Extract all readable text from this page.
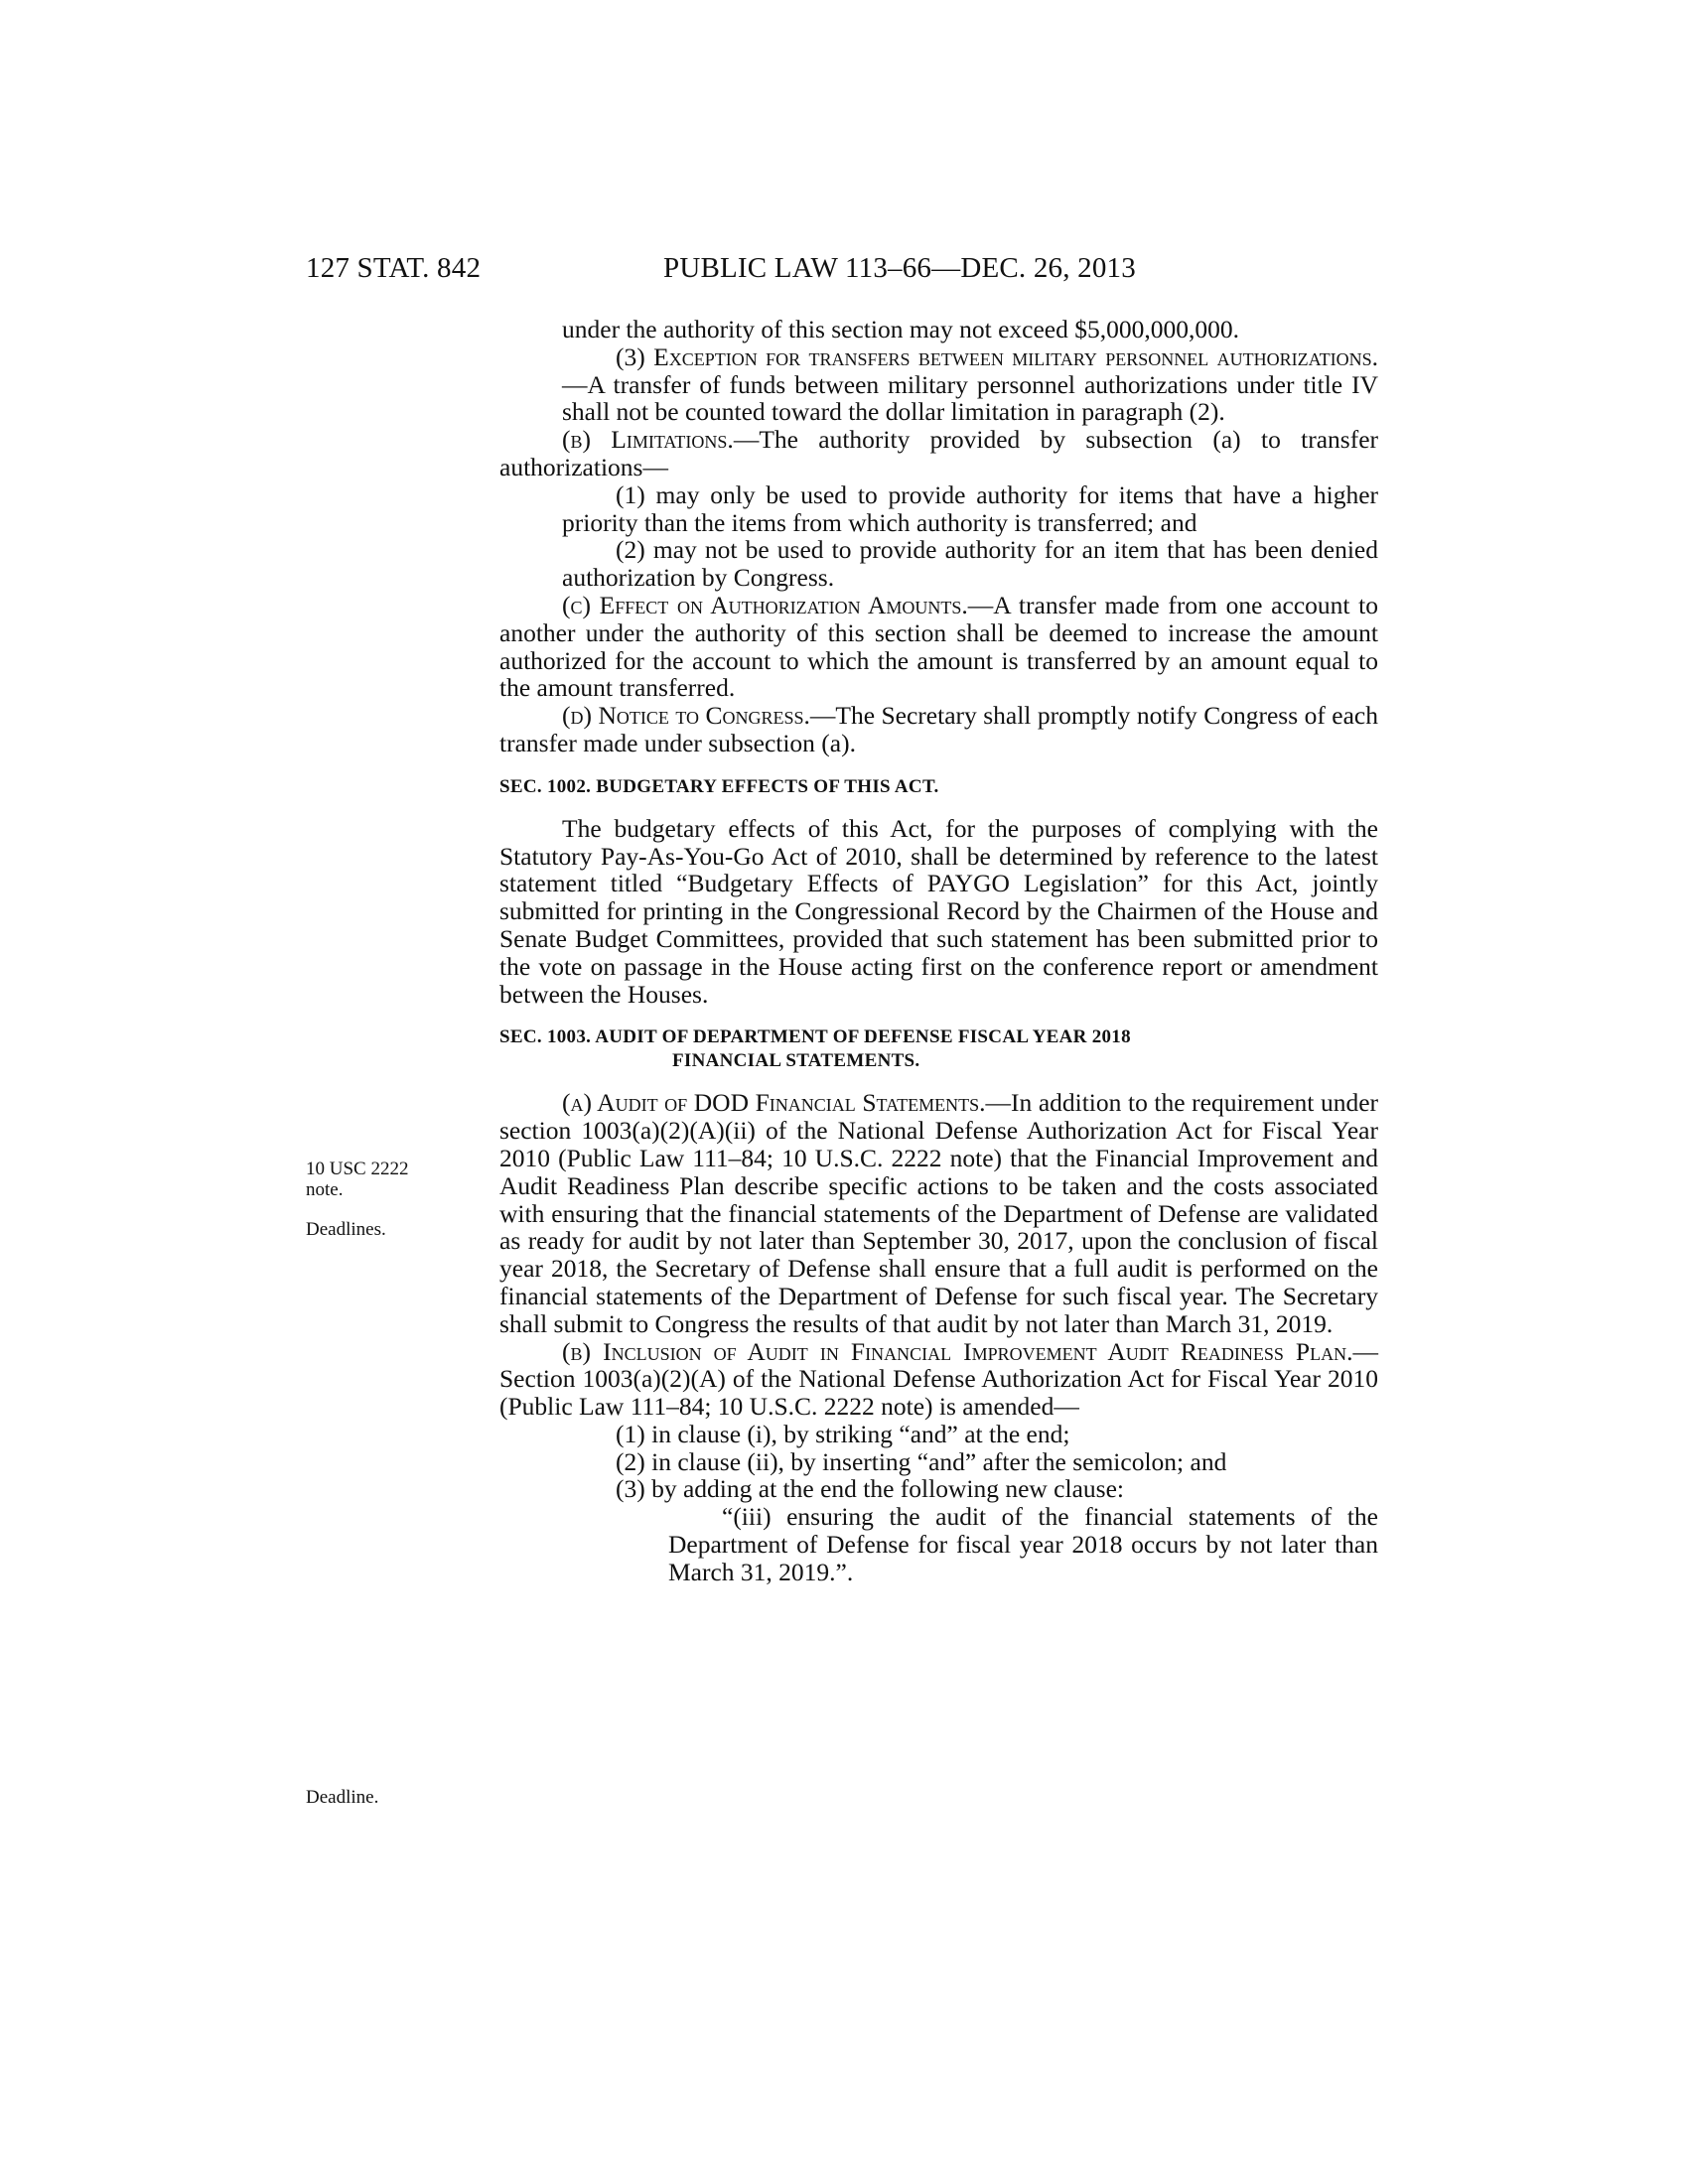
127 STAT. 842	PUBLIC LAW 113–66—DEC. 26, 2013
10 USC 2222
note.
Deadlines.
Deadline.

under the authority of this section may not exceed $5,000,000,000.

(3) Exception for transfers between military personnel authorizations.—A transfer of funds between military personnel authorizations under title IV shall not be counted toward the dollar limitation in paragraph (2).

(b) Limitations.—The authority provided by subsection (a) to transfer authorizations—

(1) may only be used to provide authority for items that have a higher priority than the items from which authority is transferred; and

(2) may not be used to provide authority for an item that has been denied authorization by Congress.

(c) Effect on Authorization Amounts.—A transfer made from one account to another under the authority of this section shall be deemed to increase the amount authorized for the account to which the amount is transferred by an amount equal to the amount transferred.

(d) Notice to Congress.—The Secretary shall promptly notify Congress of each transfer made under subsection (a).

SEC. 1002. BUDGETARY EFFECTS OF THIS ACT.

The budgetary effects of this Act, for the purposes of complying with the Statutory Pay-As-You-Go Act of 2010, shall be determined by reference to the latest statement titled “Budgetary Effects of PAYGO Legislation” for this Act, jointly submitted for printing in the Congressional Record by the Chairmen of the House and Senate Budget Committees, provided that such statement has been submitted prior to the vote on passage in the House acting first on the conference report or amendment between the Houses.

SEC. 1003. AUDIT OF DEPARTMENT OF DEFENSE FISCAL YEAR 2018
FINANCIAL STATEMENTS.

(a) Audit of DOD Financial Statements.—In addition to the requirement under section 1003(a)(2)(A)(ii) of the National Defense Authorization Act for Fiscal Year 2010 (Public Law 111–84; 10 U.S.C. 2222 note) that the Financial Improvement and Audit Readiness Plan describe specific actions to be taken and the costs associated with ensuring that the financial statements of the Department of Defense are validated as ready for audit by not later than September 30, 2017, upon the conclusion of fiscal year 2018, the Secretary of Defense shall ensure that a full audit is performed on the financial statements of the Department of Defense for such fiscal year. The Secretary shall submit to Congress the results of that audit by not later than March 31, 2019.

(b) Inclusion of Audit in Financial Improvement Audit Readiness Plan.—Section 1003(a)(2)(A) of the National Defense Authorization Act for Fiscal Year 2010 (Public Law 111–84; 10 U.S.C. 2222 note) is amended—

(1) in clause (i), by striking “and” at the end;

(2) in clause (ii), by inserting “and” after the semicolon; and

(3) by adding at the end the following new clause:

“(iii) ensuring the audit of the financial statements of the Department of Defense for fiscal year 2018 occurs by not later than March 31, 2019.”.
